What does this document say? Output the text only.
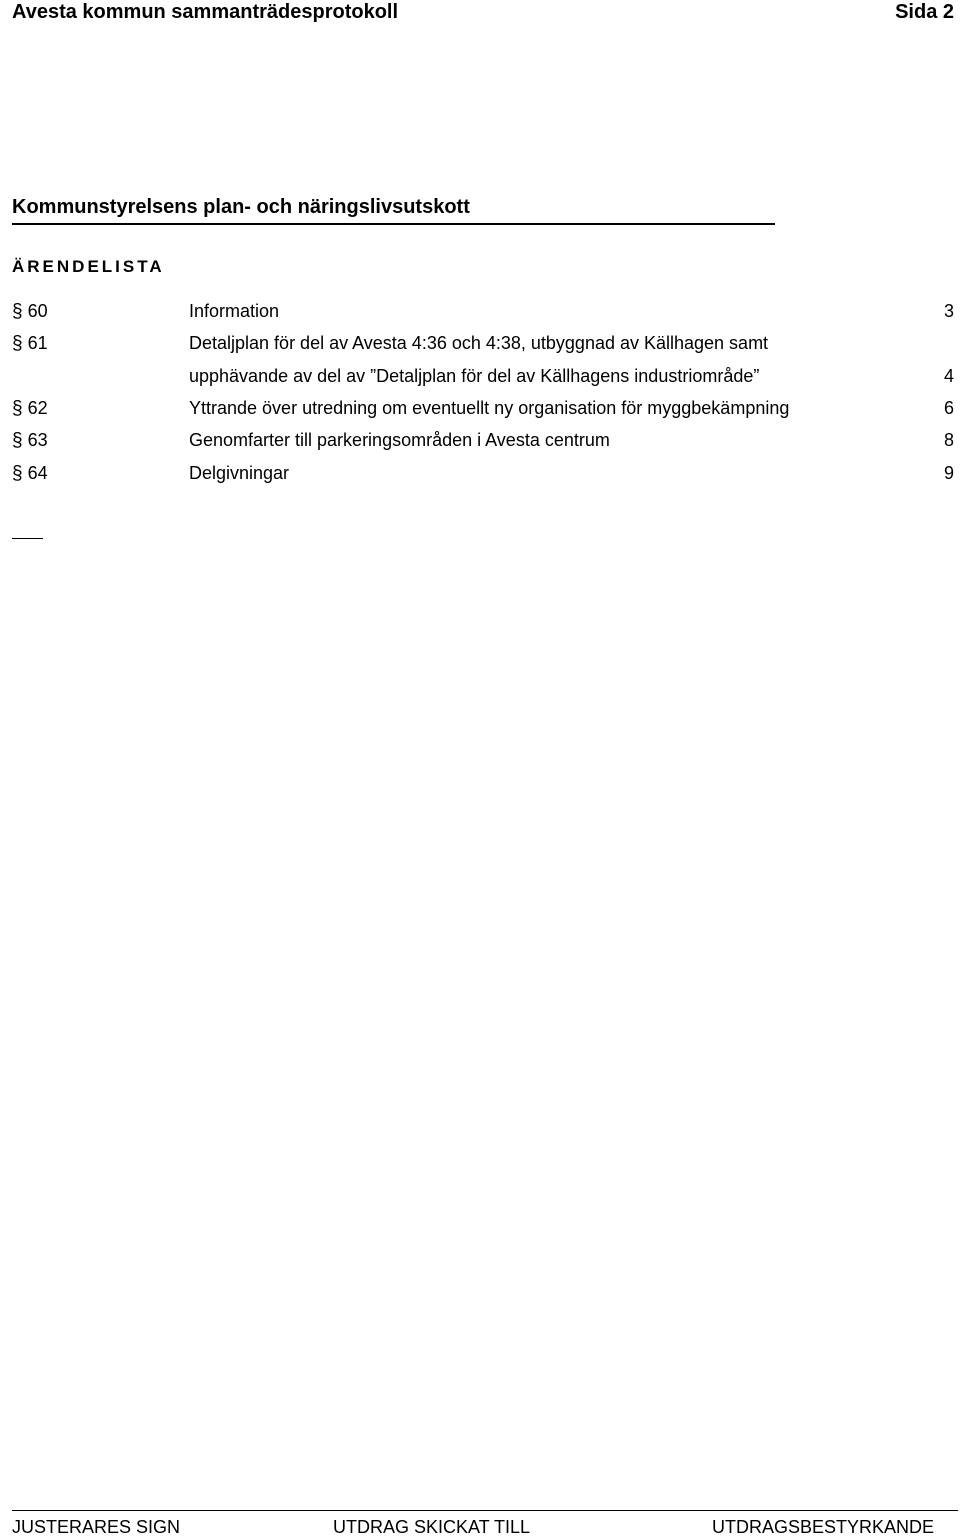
Avesta kommun sammanträdesprotokoll	Sida 2
Kommunstyrelsens plan- och näringslivsutskott
ÄRENDELISTA
§ 60	Information	3
§ 61	Detaljplan för del av Avesta 4:36 och 4:38, utbyggnad av Källhagen samt
upphävande av del av ”Detaljplan för del av Källhagens industriområde”	4
§ 62	Yttrande över utredning om eventuellt ny organisation för myggbekämpning	6
§ 63	Genomfarter till parkeringsområden i Avesta centrum	8
§ 64	Delgivningar	9
JUSTERARES SIGN	UTDRAG SKICKAT TILL	UTDRAGSBESTYRKANDE
